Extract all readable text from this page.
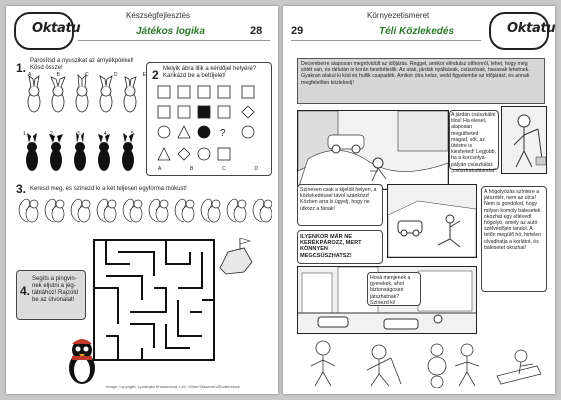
Oktatu
Készségfejlesztés
Játékos logika	28
1. Párosítsd a nyuszikat az árnyékpókkel!
Kösd össze!
A	B	C	D	E
1.	2.	3.	4.	5.
2 Melyik ábra illik a kérdőjel helyére?
Karikázd be a betűjelét!
?
A	B	C	D
3. Keresd meg, és színezd ki a két teljesen egyforma mókust!
4.
Segíts a pingvin-
nek eljutni a jég-
táblához! Rajzold
be az útvonalat!
Image Copyright: Lyudmyla Kharlamova, Leh, Volha Stasevich/Shutterstock
29
Környezetismeret
Téli Közlekedés	Oktatu
Decemberre alaposan megrövidült az időjárás. Reggel, amikor elindulsz otthonról, lehet, hogy még sötét van, és délután is korán besötétedik. Az utak, járdák nyálkásak, csúszósak, havasak lehetnek. Gyakran alakul ki köd és hullik csapadék. Amikor útra kelsz, vedd figyelembe az időjárást, és annak megfelelően közlekedj!
A járdán csúszkálni tilos! Ha elesel, alaposan megütheted magad, sőt, az ütéstre is kiesheted! Legjobb, ha a korcsolya-pályán csúszkálsz „csúszkatudásodat”.
Színesen csak a kijelölt helyen, a közlekedéssel távol szánkózz! Közben arra is ügyelj, hogy ne ütközz a fának!
A hógolyózás színtere a játszótér, nem az utca! Nem is gondolod, hogy milyen komoly balesetek okozhat egy eltévedt hógolyó, amely az autó szélvédőjén landol. A tetőn megülő hó, hirtelen olvadhatja a korlátot, és balesetet okozhat!
ILYENKOR MÁR NE KERÉKPÁROZZ, MERT KÖNNYEN MEGCSÚSZHATSZ!
Hová menjenek a gyerekek, ahol biztonságosan játszhatnak? Színezd ki!
